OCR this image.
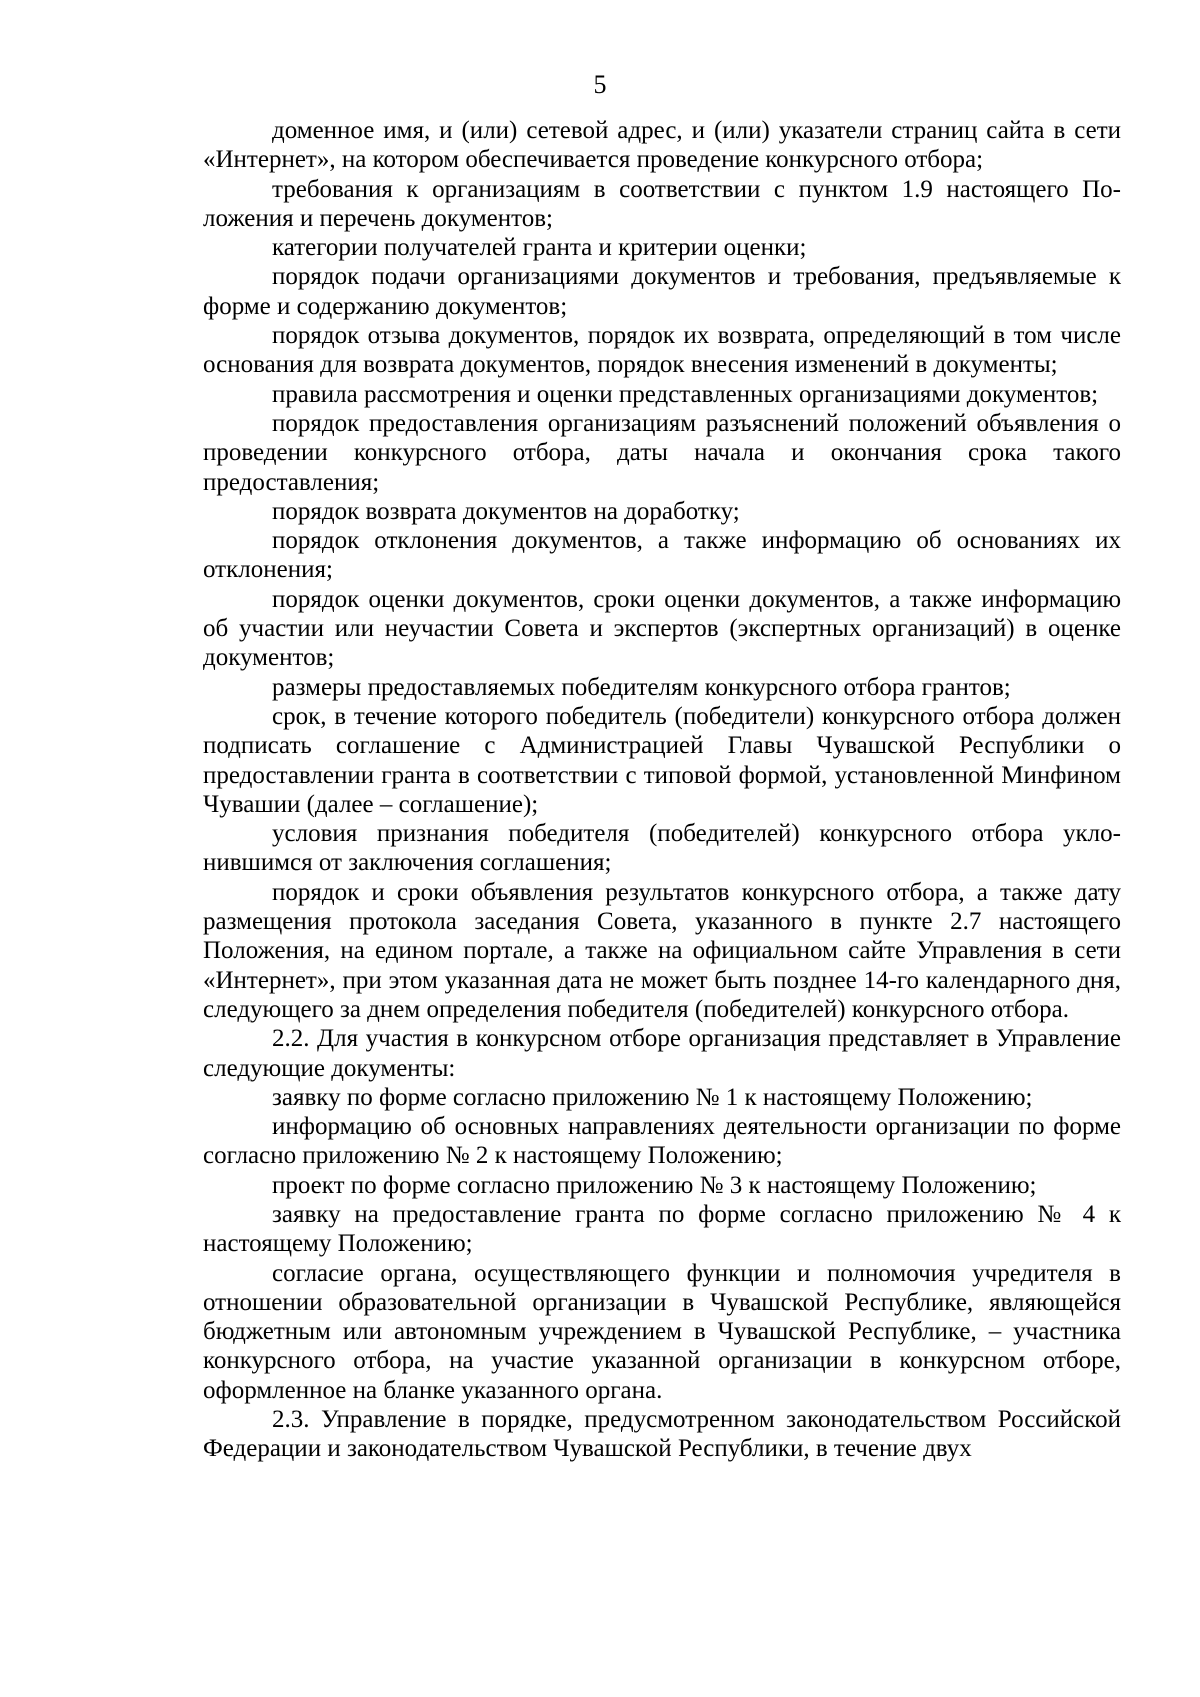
5

доменное имя, и (или) сетевой адрес, и (или) указатели страниц сайта в сети «Интернет», на котором обеспечивается проведение конкурсного отбора;

требования к организациям в соответствии с пунктом 1.9 настоящего Положения и перечень документов;

категории получателей гранта и критерии оценки;

порядок подачи организациями документов и требования, предъявляемые к форме и содержанию документов;

порядок отзыва документов, порядок их возврата, определяющий в том числе основания для возврата документов, порядок внесения изменений в документы;

правила рассмотрения и оценки представленных организациями документов;

порядок предоставления организациям разъяснений положений объявления о проведении конкурсного отбора, даты начала и окончания срока такого предоставления;

порядок возврата документов на доработку;

порядок отклонения документов, а также информацию об основаниях их отклонения;

порядок оценки документов, сроки оценки документов, а также информацию об участии или неучастии Совета и экспертов (экспертных организаций) в оценке документов;

размеры предоставляемых победителям конкурсного отбора грантов;

срок, в течение которого победитель (победители) конкурсного отбора должен подписать соглашение с Администрацией Главы Чувашской Республики о предоставлении гранта в соответствии с типовой формой, установленной Минфином Чувашии (далее – соглашение);

условия признания победителя (победителей) конкурсного отбора уклонившимся от заключения соглашения;

порядок и сроки объявления результатов конкурсного отбора, а также дату размещения протокола заседания Совета, указанного в пункте 2.7 настоящего Положения, на едином портале, а также на официальном сайте Управления в сети «Интернет», при этом указанная дата не может быть позднее 14-го календарного дня, следующего за днем определения победителя (победителей) конкурсного отбора.

2.2. Для участия в конкурсном отборе организация представляет в Управление следующие документы:

заявку по форме согласно приложению № 1 к настоящему Положению;

информацию об основных направлениях деятельности организации по форме согласно приложению № 2 к настоящему Положению;

проект по форме согласно приложению № 3 к настоящему Положению;

заявку на предоставление гранта по форме согласно приложению № 4 к настоящему Положению;

согласие органа, осуществляющего функции и полномочия учредителя в отношении образовательной организации в Чувашской Республике, являющейся бюджетным или автономным учреждением в Чувашской Республике, – участника конкурсного отбора, на участие указанной организации в конкурсном отборе, оформленное на бланке указанного органа.

2.3. Управление в порядке, предусмотренном законодательством Российской Федерации и законодательством Чувашской Республики, в течение двух
